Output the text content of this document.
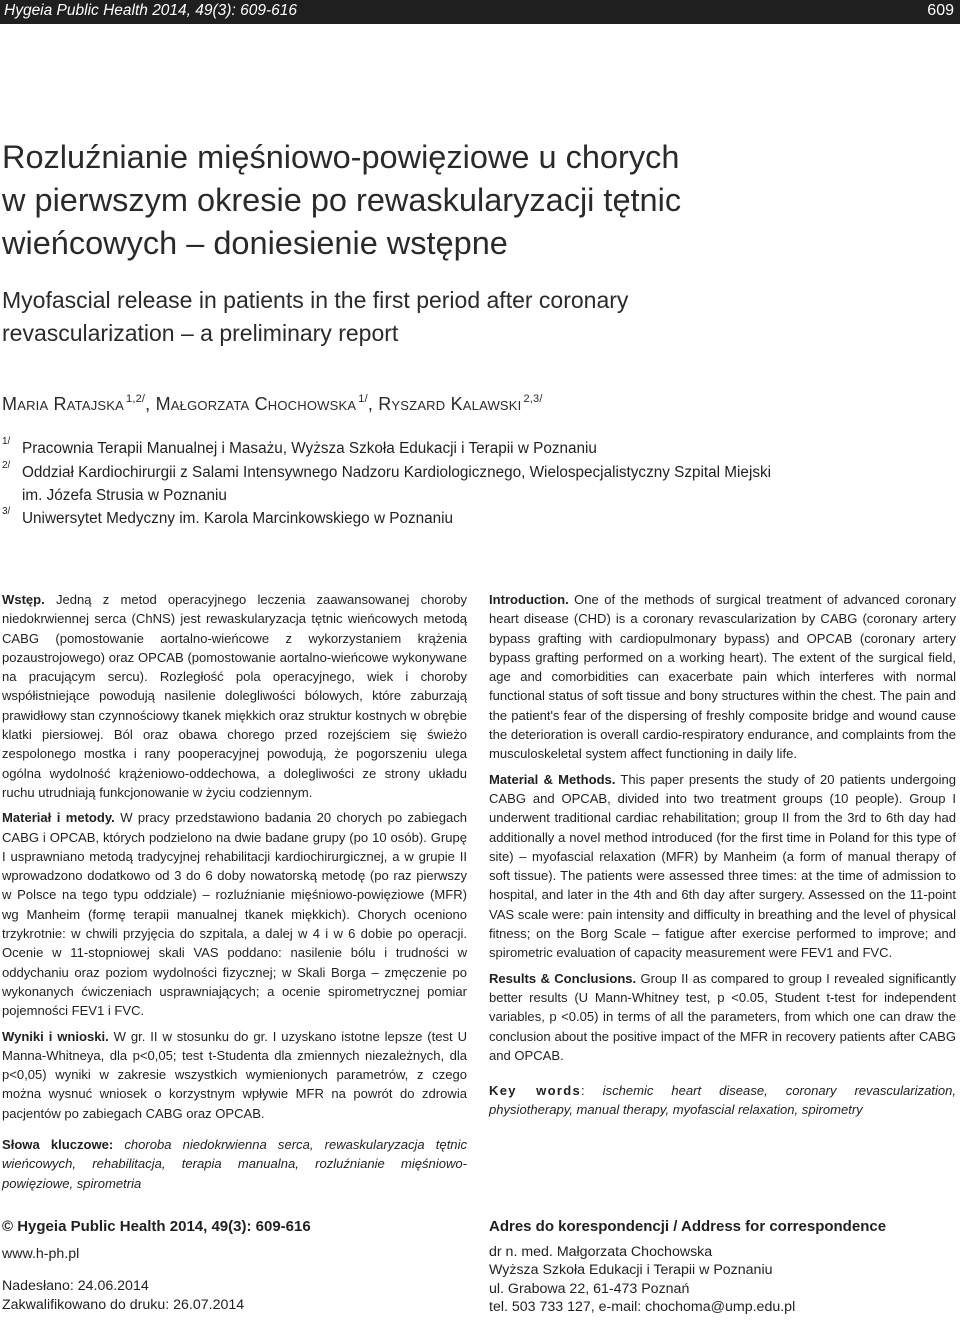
Hygeia Public Health 2014, 49(3): 609-616	609
Rozluźnianie mięśniowo-powięziowe u chorych
w pierwszym okresie po rewaskularyzacji tętnic
wieńcowych – doniesienie wstępne
Myofascial release in patients in the first period after coronary
revascularization – a preliminary report
Maria Ratajska $^{1,2/}$, Małgorzata Chochowska $^{1/}$, Ryszard Kalawski $^{2,3/}$
1/ Pracownia Terapii Manualnej i Masażu, Wyższa Szkoła Edukacji i Terapii w Poznaniu
2/ Oddział Kardiochirurgii z Salami Intensywnego Nadzoru Kardiologicznego, Wielospecjalistyczny Szpital Miejski
im. Józefa Strusia w Poznaniu
3/ Uniwersytet Medyczny im. Karola Marcinkowskiego w Poznaniu

Wstęp. Jedną z metod operacyjnego leczenia zaawansowanej choroby niedokrwiennej serca (ChNS) jest rewaskularyzacja tętnic wieńcowych metodą CABG (pomostowanie aortalno-wieńcowe z wykorzystaniem krążenia pozaustrojowego) oraz OPCAB (pomostowanie aortalno-wieńcowe wykonywane na pracującym sercu). Rozległość pola operacyjnego, wiek i choroby współistniejące powodują nasilenie dolegliwości bólowych, które zaburzają prawidłowy stan czynnościowy tkanek miękkich oraz struktur kostnych w obrębie klatki piersiowej. Ból oraz obawa chorego przed rozejściem się świeżo zespolonego mostka i rany pooperacyjnej powodują, że pogorszeniu ulega ogólna wydolność krążeniowo-oddechowa, a dolegliwości ze strony układu ruchu utrudniają funkcjonowanie w życiu codziennym.

Materiał i metody. W pracy przedstawiono badania 20 chorych po zabiegach CABG i OPCAB, których podzielono na dwie badane grupy (po 10 osób). Grupę I usprawniano metodą tradycyjnej rehabilitacji kardiochirurgicznej, a w grupie II wprowadzono dodatkowo od 3 do 6 doby nowatorską metodę (po raz pierwszy w Polsce na tego typu oddziale) – rozluźnianie mięśniowo-powięziowe (MFR) wg Manheim (formę terapii manualnej tkanek miękkich). Chorych oceniono trzykrotnie: w chwili przyjęcia do szpitala, a dalej w 4 i w 6 dobie po operacji. Ocenie w 11-stopniowej skali VAS poddano: nasilenie bólu i trudności w oddychaniu oraz poziom wydolności fizycznej; w Skali Borga – zmęczenie po wykonanych ćwiczeniach usprawniających; a ocenie spirometrycznej pomiar pojemności FEV1 i FVC.

Wyniki i wnioski. W gr. II w stosunku do gr. I uzyskano istotne lepsze (test U Manna-Whitneya, dla p<0,05; test t-Studenta dla zmiennych niezależnych, dla p<0,05) wyniki w zakresie wszystkich wymienionych parametrów, z czego można wysnuć wniosek o korzystnym wpływie MFR na powrót do zdrowia pacjentów po zabiegach CABG oraz OPCAB.

Słowa kluczowe: choroba niedokrwienna serca, rewaskularyzacja tętnic wieńcowych, rehabilitacja, terapia manualna, rozluźnianie mięśniowo-powięziowe, spirometria

Introduction. One of the methods of surgical treatment of advanced coronary heart disease (CHD) is a coronary revascularization by CABG (coronary artery bypass grafting with cardiopulmonary bypass) and OPCAB (coronary artery bypass grafting performed on a working heart). The extent of the surgical field, age and comorbidities can exacerbate pain which interferes with normal functional status of soft tissue and bony structures within the chest. The pain and the patient's fear of the dispersing of freshly composite bridge and wound cause the deterioration is overall cardio-respiratory endurance, and complaints from the musculoskeletal system affect functioning in daily life.

Material & Methods. This paper presents the study of 20 patients undergoing CABG and OPCAB, divided into two treatment groups (10 people). Group I underwent traditional cardiac rehabilitation; group II from the 3rd to 6th day had additionally a novel method introduced (for the first time in Poland for this type of site) – myofascial relaxation (MFR) by Manheim (a form of manual therapy of soft tissue). The patients were assessed three times: at the time of admission to hospital, and later in the 4th and 6th day after surgery. Assessed on the 11-point VAS scale were: pain intensity and difficulty in breathing and the level of physical fitness; on the Borg Scale – fatigue after exercise performed to improve; and spirometric evaluation of capacity measurement were FEV1 and FVC.

Results & Conclusions. Group II as compared to group I revealed significantly better results (U Mann-Whitney test, p <0.05, Student t-test for independent variables, p <0.05) in terms of all the parameters, from which one can draw the conclusion about the positive impact of the MFR in recovery patients after CABG and OPCAB.

Key words: ischemic heart disease, coronary revascularization, physiotherapy, manual therapy, myofascial relaxation, spirometry

© Hygeia Public Health 2014, 49(3): 609-616

www.h-ph.pl

Nadesłano: 24.06.2014
Zakwalifikowano do druku: 26.07.2014
Adres do korespondencji / Address for correspondence

dr n. med. Małgorzata Chochowska
Wyższa Szkoła Edukacji i Terapii w Poznaniu
ul. Grabowa 22, 61-473 Poznań
tel. 503 733 127, e-mail: chochoma@ump.edu.pl
